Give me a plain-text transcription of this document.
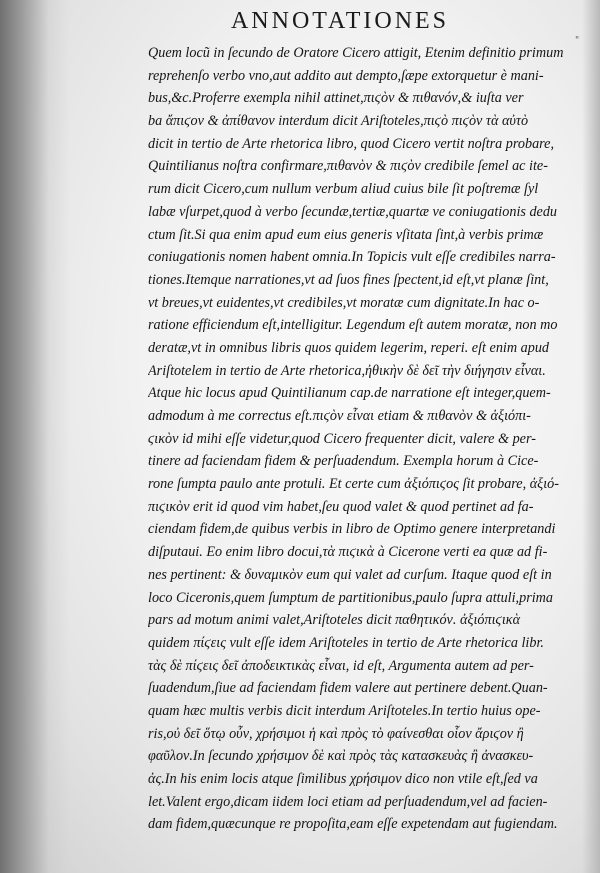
ANNOTATIONES
"
Quem locũ in ſecundo de Oratore Cicero attigit, Etenim definitio primum
reprehenſo verbo vno,aut addito aut dempto,ſæpe extorquetur è mani-
bus,&c.Proferre exempla nihil attinet,πιϛὸν & πιθανόν,& iuſta ver
ba ἄπιϛον & ἀπίθανον interdum dicit Ariſtoteles,πιϛὸ πιϛὸν τὰ αὐτὸ
dicit in tertio de Arte rhetorica libro, quod Cicero vertit noſtra probare,
Quintilianus noſtra confirmare,πιθανὸν & πιϛὸν credibile ſemel ac ite-
rum dicit Cicero,cum nullum verbum aliud cuius bile ſit poſtremæ ſyl
labæ vſurpet,quod à verbo ſecundæ,tertiæ,quartæ ve coniugationis dedu
ctum ſit.Si qua enim apud eum eius generis vſitata ſint,à verbis primæ
coniugationis nomen habent omnia.In Topicis vult eſſe credibiles narra-
tiones.Itemque narrationes,vt ad ſuos fines ſpectent,id eſt,vt planæ ſint,
vt breues,vt euidentes,vt credibiles,vt moratæ cum dignitate.In hac o-
ratione efficiendum eſt,intelligitur. Legendum eſt autem moratæ, non mo
deratæ,vt in omnibus libris quos quidem legerim, reperi. eſt enim apud
Ariſtotelem in tertio de Arte rhetorica,ἠθικὴν δὲ δεῖ τὴν διήγησιν εἶναι.
Atque hic locus apud Quintilianum cap.de narratione eſt integer,quem-
admodum à me correctus eſt.πιϛὸν εἶναι etiam & πιθανὸν & ἀξιόπι-
ϛικὸν id mihi eſſe videtur,quod Cicero frequenter dicit, valere & per-
tinere ad faciendam fidem & perſuadendum. Exempla horum à Cice-
rone ſumpta paulo ante protuli. Et certe cum ἀξιόπιϛος ſit probare, ἀξιό-
πιϛικὸν erit id quod vim habet,ſeu quod valet & quod pertinet ad fa-
ciendam fidem,de quibus verbis in libro de Optimo genere interpretandi
diſputaui. Eo enim libro docui,τὰ πιϛικὰ à Cicerone verti ea quæ ad fi-
nes pertinent: & δυναμικὸν eum qui valet ad curſum. Itaque quod eſt in
loco Ciceronis,quem ſumptum de partitionibus,paulo ſupra attuli,prima
pars ad motum animi valet,Ariſtoteles dicit παθητικόν. ἀξιόπιϛικὰ
quidem πίϛεις vult eſſe idem Ariſtoteles in tertio de Arte rhetorica libr.
τὰς δὲ πίϛεις δεῖ ἀποδεικτικὰς εἶναι, id eſt, Argumenta autem ad per-
ſuadendum,ſiue ad faciendam fidem valere aut pertinere debent.Quan-
quam hæc multis verbis dicit interdum Ariſtoteles.In tertio huius ope-
ris,οὐ δεῖ ὅτῳ οὖν, χρήσιμοι ἡ καὶ πρὸς τὸ φαίνεσθαι οἷον ἄριϛον ἢ
φαῦλον.In ſecundo χρήσιμον δὲ καὶ πρὸς τὰς κατασκευὰς ἢ ἀνασκευ-
ἀς.In his enim locis atque ſimilibus χρήσιμον dico non vtile eſt,ſed va
let.Valent ergo,dicam iidem loci etiam ad perſuadendum,vel ad facien-
dam fidem,quæcunque re propoſita,eam eſſe expetendam aut fugiendam.
